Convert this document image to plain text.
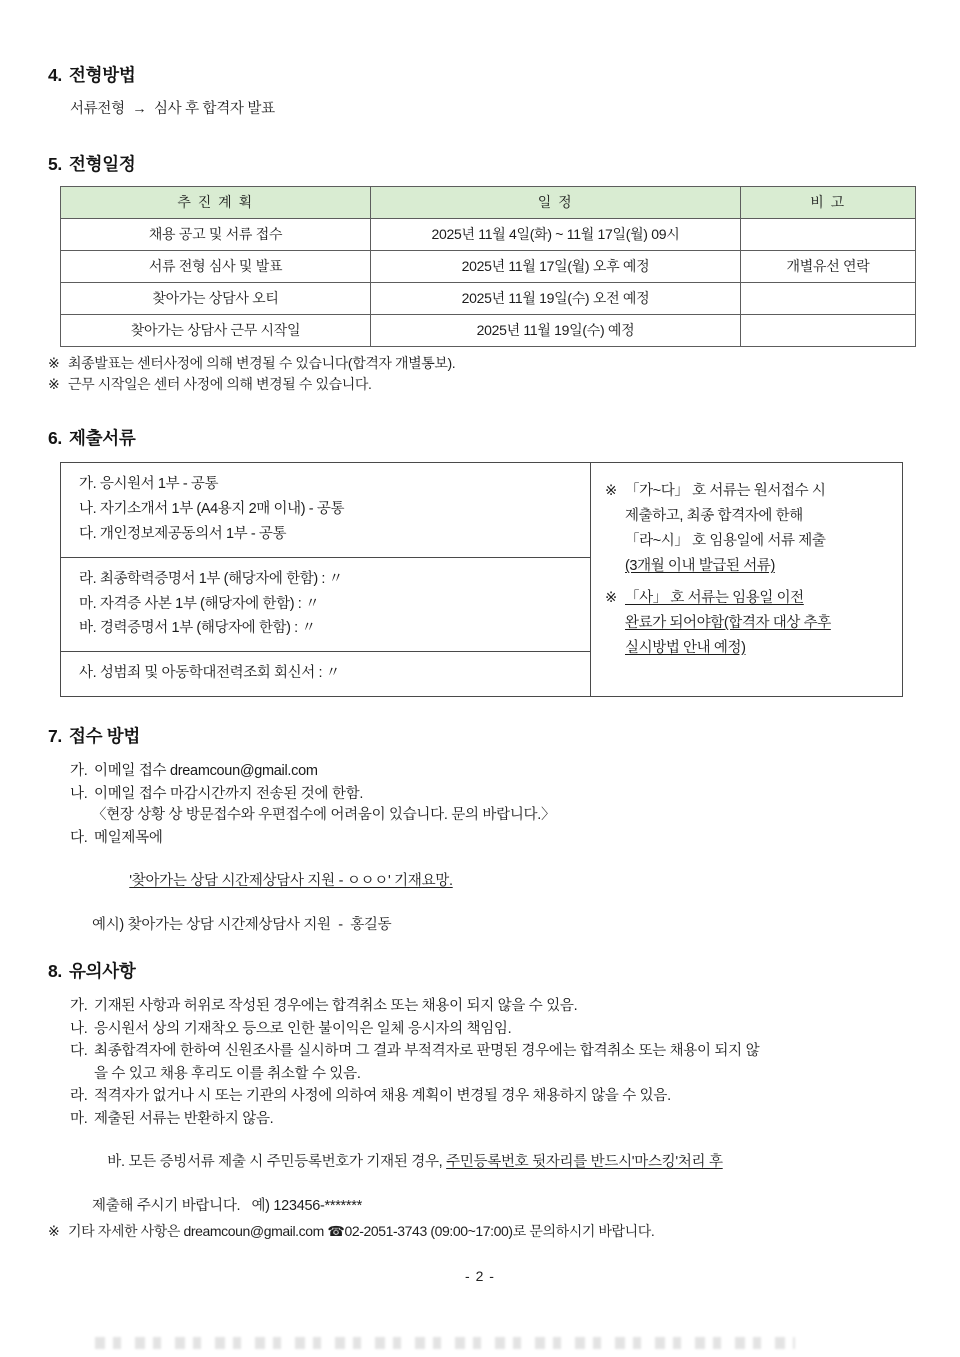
4. 전형방법
서류전형  →  심사 후 합격자 발표
5. 전형일정
추 진 계 획	일 정	비 고
채용 공고 및 서류 접수	2025년 11월 4일(화) ~ 11월 17일(월) 09시	
서류 전형 심사 및 발표	2025년 11월 17일(월) 오후 예정	개별유선 연락
찾아가는 상담사 오티	2025년 11월 19일(수) 오전 예정	
찾아가는 상담사 근무 시작일	2025년 11월 19일(수) 예정	
※ 최종발표는 센터사정에 의해 변경될 수 있습니다(합격자 개별통보).
※ 근무 시작일은 센터 사정에 의해 변경될 수 있습니다.
6. 제출서류
가. 응시원서 1부 - 공통
나. 자기소개서 1부 (A4용지 2매 이내) - 공통
다. 개인정보제공동의서 1부 - 공통
라. 최종학력증명서 1부 (해당자에 한함) : 〃
마. 자격증 사본 1부 (해당자에 한함) : 〃
바. 경력증명서 1부 (해당자에 한함) : 〃
사. 성범죄 및 아동학대전력조회 회신서 : 〃
※ 「가~다」 호 서류는 원서접수 시
제출하고, 최종 합격자에 한해
「라~시」 호 임용일에 서류 제출
(3개월 이내 발급된 서류)
※ 「사」 호 서류는 임용일 이전
완료가 되어야함(합격자 대상 추후
실시방법 안내 예정)
7. 접수 방법
가. 이메일 접수 dreamcoun@gmail.com
나. 이메일 접수 마감시간까지 전송된 것에 한함.
〈현장 상황 상 방문접수와 우편접수에 어려움이 있습니다. 문의 바랍니다.〉
다. 메일제목에

'찾아가는 상담 시간제상담사 지원 - ㅇㅇㅇ' 기재요망.

예시) 찾아가는 상담 시간제상담사 지원  -  홍길동
8. 유의사항
가. 기재된 사항과 허위로 작성된 경우에는 합격취소 또는 채용이 되지 않을 수 있음.
나. 응시원서 상의 기재착오 등으로 인한 불이익은 일체 응시자의 책임임.
다. 최종합격자에 한하여 신원조사를 실시하며 그 결과 부적격자로 판명된 경우에는 합격취소 또는 채용이 되지 않
을 수 있고 채용 후리도 이를 취소할 수 있음.
라. 적격자가 없거나 시 또는 기관의 사정에 의하여 채용 계획이 변경될 경우 채용하지 않을 수 있음.
마. 제출된 서류는 반환하지 않음.

바. 모든 증빙서류 제출 시 주민등록번호가 기재된 경우, 주민등록번호 뒷자리를 반드시'마스킹'처리 후

제출해 주시기 바랍니다.   예) 123456-*******
※ 기타 자세한 사항은 dreamcoun@gmail.com ☎02-2051-3743 (09:00~17:00)로 문의하시기 바랍니다.
- 2 -
